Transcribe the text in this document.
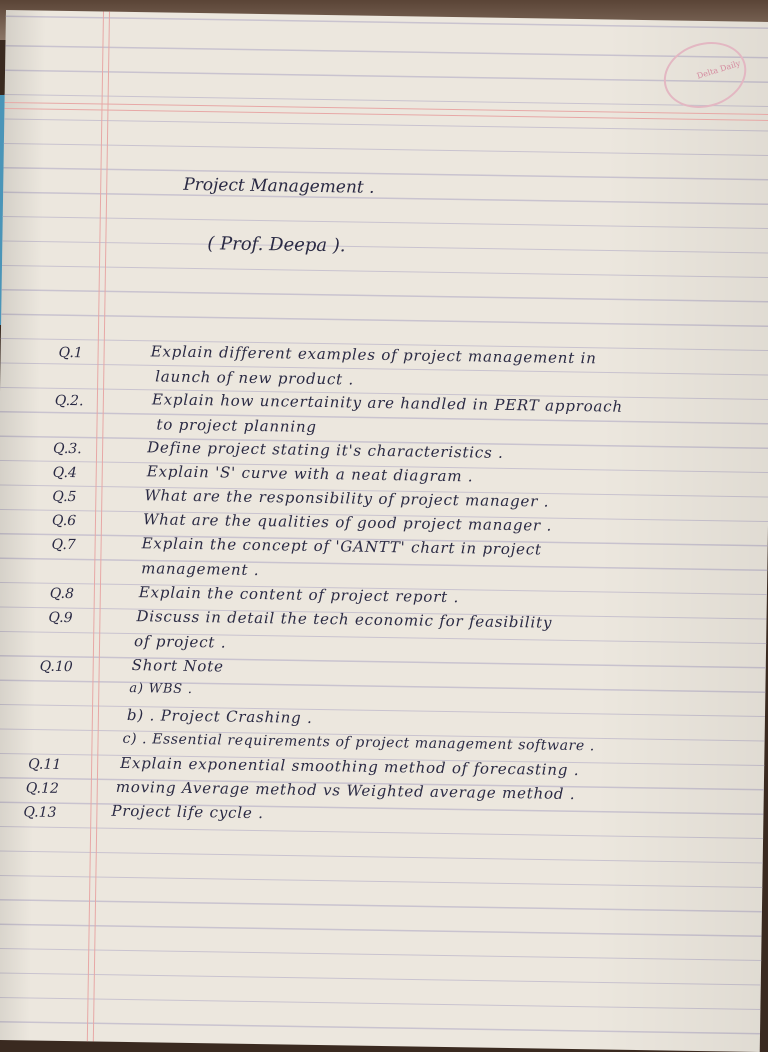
Delta Daily
Project Management .
( Prof. Deepa ).
Q.1	Explain different examples of project management in
launch of new product .
Q.2.	Explain how uncertainity are handled in PERT approach
to project planning
Q.3.	Define project stating it's characteristics .
Q.4	Explain 'S' curve with a neat diagram .
Q.5	What are the responsibility of project manager .
Q.6	What are the qualities of good project manager .
Q.7	Explain the concept of 'GANTT' chart in project
management .
Q.8	Explain the content of project report .
Q.9	Discuss in detail the tech economic for feasibility
of project .
Q.10	Short Note
a) WBS .
b) . Project Crashing .
c) . Essential requirements of project management software .
Q.11	Explain exponential smoothing method of forecasting .
Q.12	moving Average method vs Weighted average method .
Q.13	Project life cycle .
